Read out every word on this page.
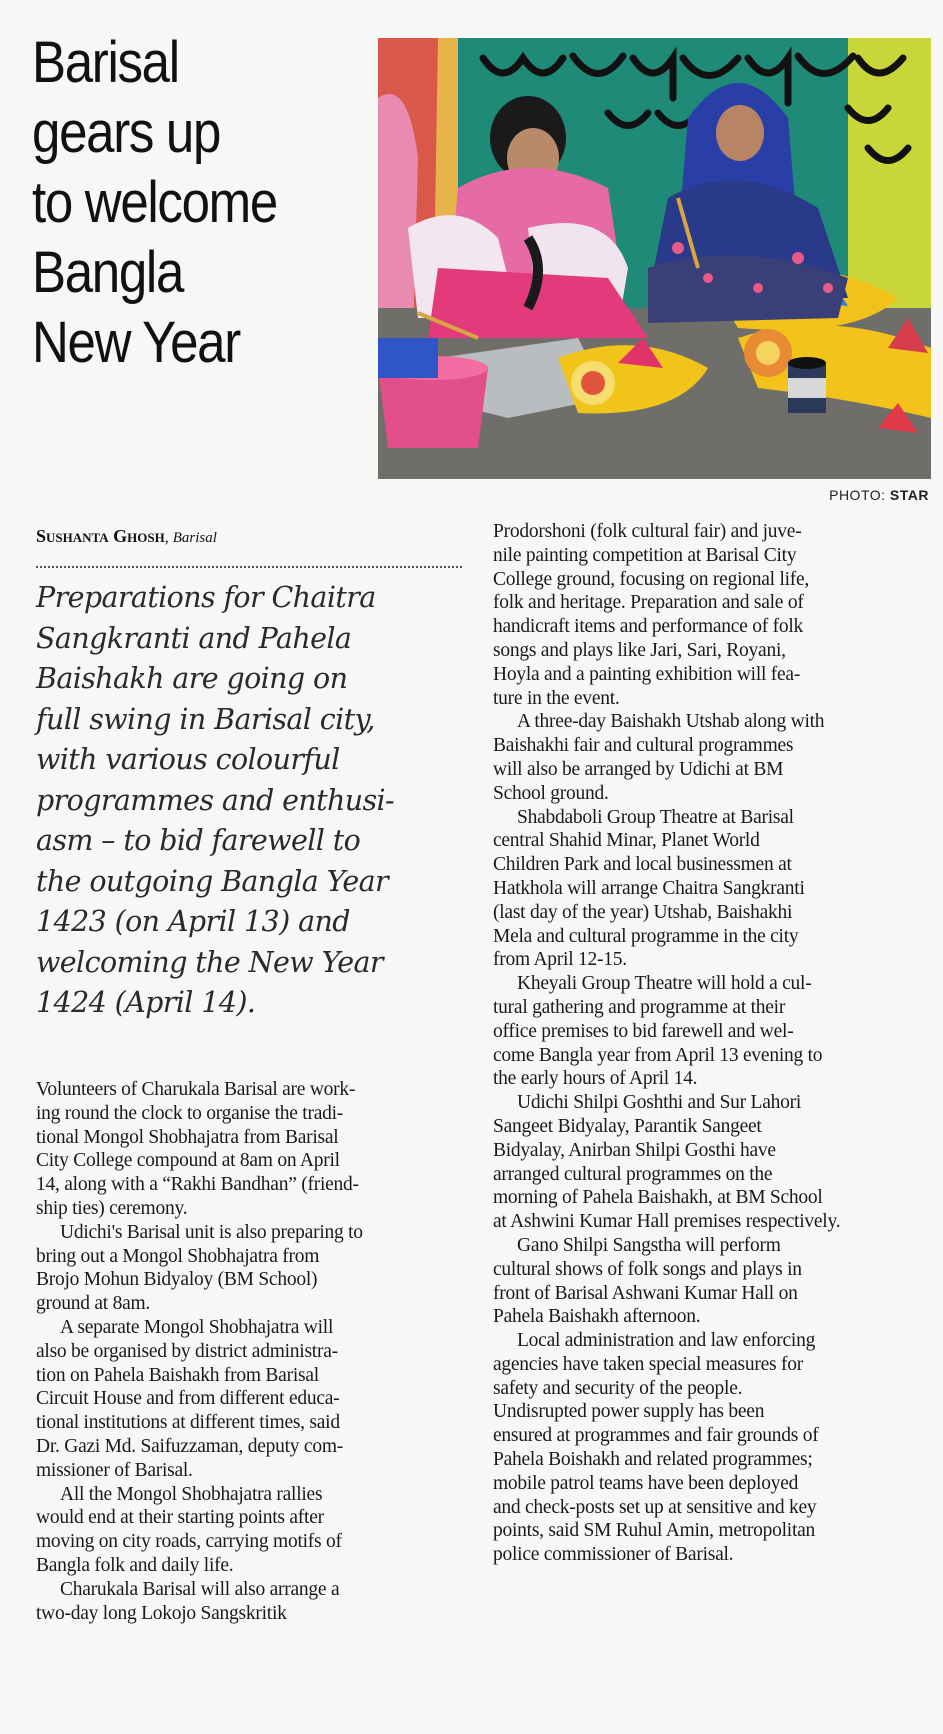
Barisal
gears up
to welcome
Bangla
New Year
PHOTO: STAR
Sushanta Ghosh, Barisal
Preparations for Chaitra
Sangkranti and Pahela
Baishakh are going on
full swing in Barisal city,
with various colourful
programmes and enthusi-
asm – to bid farewell to
the outgoing Bangla Year
1423 (on April 13) and
welcoming the New Year
1424 (April 14).
Volunteers of Charukala Barisal are work-
ing round the clock to organise the tradi-
tional Mongol Shobhajatra from Barisal
City College compound at 8am on April
14, along with a “Rakhi Bandhan” (friend-
ship ties) ceremony.
Udichi's Barisal unit is also preparing to
bring out a Mongol Shobhajatra from
Brojo Mohun Bidyaloy (BM School)
ground at 8am.
A separate Mongol Shobhajatra will
also be organised by district administra-
tion on Pahela Baishakh from Barisal
Circuit House and from different educa-
tional institutions at different times, said
Dr. Gazi Md. Saifuzzaman, deputy com-
missioner of Barisal.
All the Mongol Shobhajatra rallies
would end at their starting points after
moving on city roads, carrying motifs of
Bangla folk and daily life.
Charukala Barisal will also arrange a
two-day long Lokojo Sangskritik
Prodorshoni (folk cultural fair) and juve-
nile painting competition at Barisal City
College ground, focusing on regional life,
folk and heritage. Preparation and sale of
handicraft items and performance of folk
songs and plays like Jari, Sari, Royani,
Hoyla and a painting exhibition will fea-
ture in the event.
A three-day Baishakh Utshab along with
Baishakhi fair and cultural programmes
will also be arranged by Udichi at BM
School ground.
Shabdaboli Group Theatre at Barisal
central Shahid Minar, Planet World
Children Park and local businessmen at
Hatkhola will arrange Chaitra Sangkranti
(last day of the year) Utshab, Baishakhi
Mela and cultural programme in the city
from April 12-15.
Kheyali Group Theatre will hold a cul-
tural gathering and programme at their
office premises to bid farewell and wel-
come Bangla year from April 13 evening to
the early hours of April 14.
Udichi Shilpi Goshthi and Sur Lahori
Sangeet Bidyalay, Parantik Sangeet
Bidyalay, Anirban Shilpi Gosthi have
arranged cultural programmes on the
morning of Pahela Baishakh, at BM School
at Ashwini Kumar Hall premises respectively.
Gano Shilpi Sangstha will perform
cultural shows of folk songs and plays in
front of Barisal Ashwani Kumar Hall on
Pahela Baishakh afternoon.
Local administration and law enforcing
agencies have taken special measures for
safety and security of the people.
Undisrupted power supply has been
ensured at programmes and fair grounds of
Pahela Boishakh and related programmes;
mobile patrol teams have been deployed
and check-posts set up at sensitive and key
points, said SM Ruhul Amin, metropolitan
police commissioner of Barisal.
